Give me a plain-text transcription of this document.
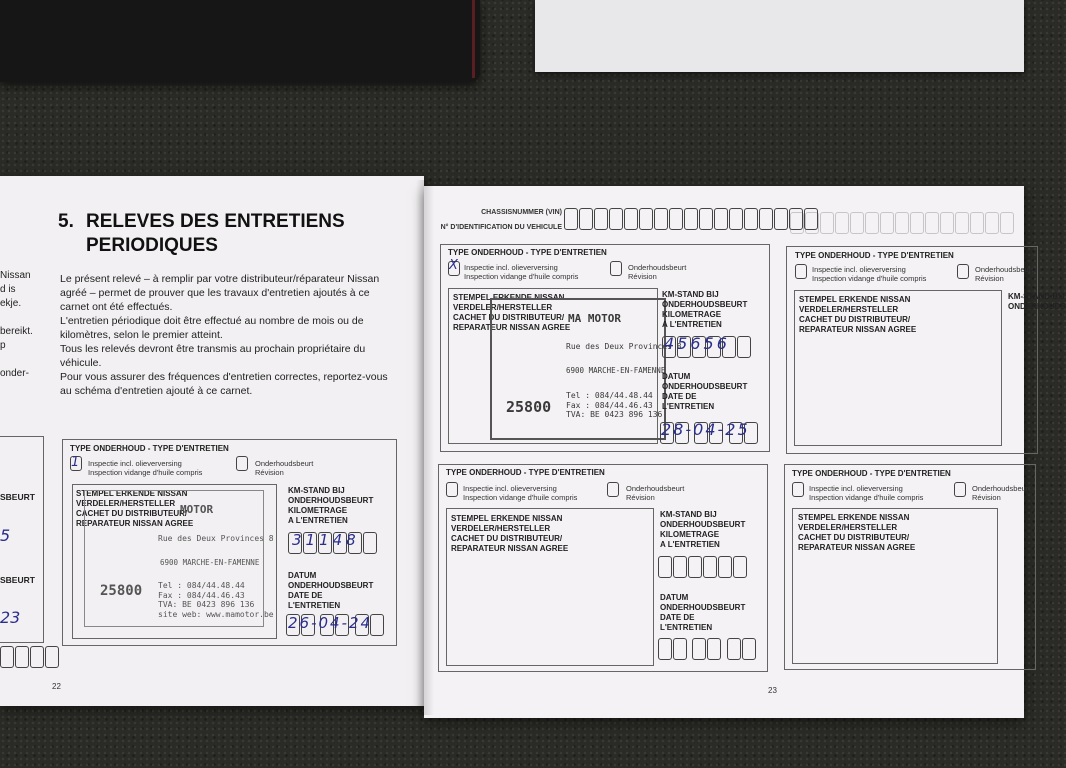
Nissan
d is
ekje.
bereikt.
p
onder-
SBEURT
5
SBEURT
23
5. RELEVES DES ENTRETIENS
PERIODIQUES

Le présent relevé – à remplir par votre distributeur/réparateur Nissan agréé – permet de prouver que les travaux d'entretien ajoutés à ce carnet ont été effectués.

L'entretien périodique doit être effectué au nombre de mois ou de kilomètres, selon le premier atteint.

Tous les relevés devront être transmis au prochain propriétaire du véhicule.

Pour vous assurer des fréquences d'entretien correctes, reportez-vous au schéma d'entretien ajouté à ce carnet.

TYPE ONDERHOUD - TYPE D'ENTRETIEN
1 Inspectie incl. olieverversing
Inspection vidange d'huile compris
Onderhoudsbeurt
Révision
STEMPEL ERKENDE NISSAN
VERDELER/HERSTELLER
CACHET DU DISTRIBUTEUR/
REPARATEUR NISSAN AGREE
MOTOR
Rue des Deux Provinces 8
6900 MARCHE-EN-FAMENNE
25800 Tel : 084/44.48.44
Fax : 084/44.46.43
TVA: BE 0423 896 136
site web: www.mamotor.be
KM-STAND BIJ
ONDERHOUDSBEURT
KILOMETRAGE
A L'ENTRETIEN
31148
DATUM
ONDERHOUDSBEURT
DATE DE
L'ENTRETIEN

26-04-24
22
CHASSISNUMMER (VIN)
N° D'IDENTIFICATION DU VEHICULE
TYPE ONDERHOUD - TYPE D'ENTRETIEN
X Inspectie incl. olieverversing
Inspection vidange d'huile compris
Onderhoudsbeurt
Révision
STEMPEL ERKENDE NISSAN
VERDELER/HERSTELLER
CACHET DU DISTRIBUTEUR/
REPARATEUR NISSAN AGREE
MA MOTOR
Rue des Deux Provinces 8
6900 MARCHE-EN-FAMENNE
25800
Tel : 084/44.48.44
Fax : 084/44.46.43
TVA: BE 0423 896 136
KM-STAND BIJ
ONDERHOUDSBEURT
KILOMETRAGE
A L'ENTRETIEN
45656
DATUM
ONDERHOUDSBEURT
DATE DE
L'ENTRETIEN

28-04-25
TYPE ONDERHOUD - TYPE D'ENTRETIEN
Inspectie incl. olieverversing
Inspection vidange d'huile compris
Onderhoudsbeurt
Révision
STEMPEL ERKENDE NISSAN
VERDELER/HERSTELLER
CACHET DU DISTRIBUTEUR/
REPARATEUR NISSAN AGREE
KM-STAND BIJ
ONDERHOUDS
TYPE ONDERHOUD - TYPE D'ENTRETIEN
Inspectie incl. olieverversing
Inspection vidange d'huile compris
Onderhoudsbeurt
Révision
STEMPEL ERKENDE NISSAN
VERDELER/HERSTELLER
CACHET DU DISTRIBUTEUR/
REPARATEUR NISSAN AGREE
KM-STAND BIJ
ONDERHOUDSBEURT
KILOMETRAGE
A L'ENTRETIEN
DATUM
ONDERHOUDSBEURT
DATE DE
L'ENTRETIEN

TYPE ONDERHOUD - TYPE D'ENTRETIEN
Inspectie incl. olieverversing
Inspection vidange d'huile compris
Onderhoudsbeurt
Révision
STEMPEL ERKENDE NISSAN
VERDELER/HERSTELLER
CACHET DU DISTRIBUTEUR/
REPARATEUR NISSAN AGREE
23
